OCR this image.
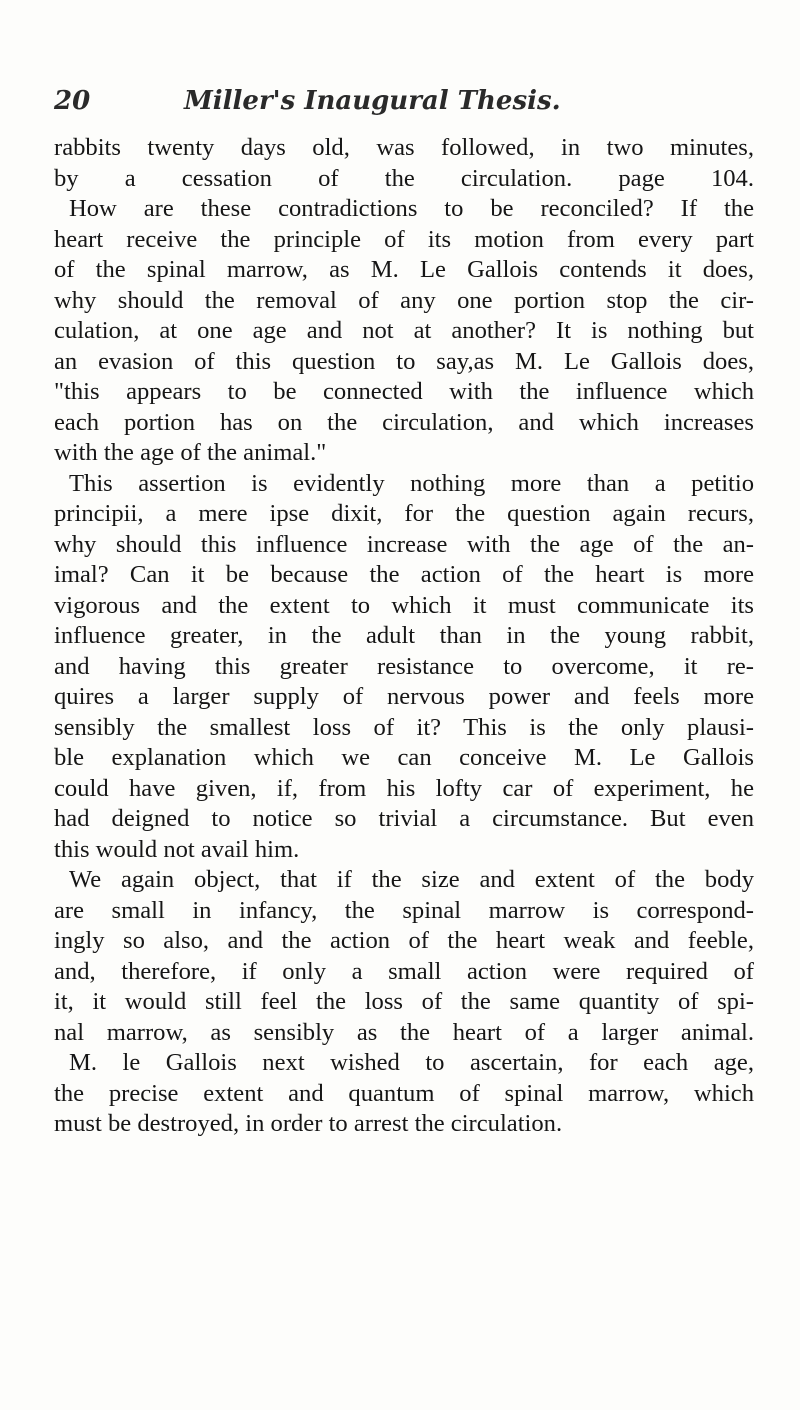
20	Miller's Inaugural Thesis.
rabbits twenty days old, was followed, in two minutes,
by a cessation of the circulation. page 104.
How are these contradictions to be reconciled? If the
heart receive the principle of its motion from every part
of the spinal marrow, as M. Le Gallois contends it does,
why should the removal of any one portion stop the cir-
culation, at one age and not at another? It is nothing but
an evasion of this question to say,as M. Le Gallois does,
"this appears to be connected with the influence which
each portion has on the circulation, and which increases
with the age of the animal."
This assertion is evidently nothing more than a petitio
principii, a mere ipse dixit, for the question again recurs,
why should this influence increase with the age of the an-
imal? Can it be because the action of the heart is more
vigorous and the extent to which it must communicate its
influence greater, in the adult than in the young rabbit,
and having this greater resistance to overcome, it re-
quires a larger supply of nervous power and feels more
sensibly the smallest loss of it? This is the only plausi-
ble explanation which we can conceive M. Le Gallois
could have given, if, from his lofty car of experiment, he
had deigned to notice so trivial a circumstance. But even
this would not avail him.
We again object, that if the size and extent of the body
are small in infancy, the spinal marrow is correspond-
ingly so also, and the action of the heart weak and feeble,
and, therefore, if only a small action were required of
it, it would still feel the loss of the same quantity of spi-
nal marrow, as sensibly as the heart of a larger animal.
M. le Gallois next wished to ascertain, for each age,
the precise extent and quantum of spinal marrow, which
must be destroyed, in order to arrest the circulation.
